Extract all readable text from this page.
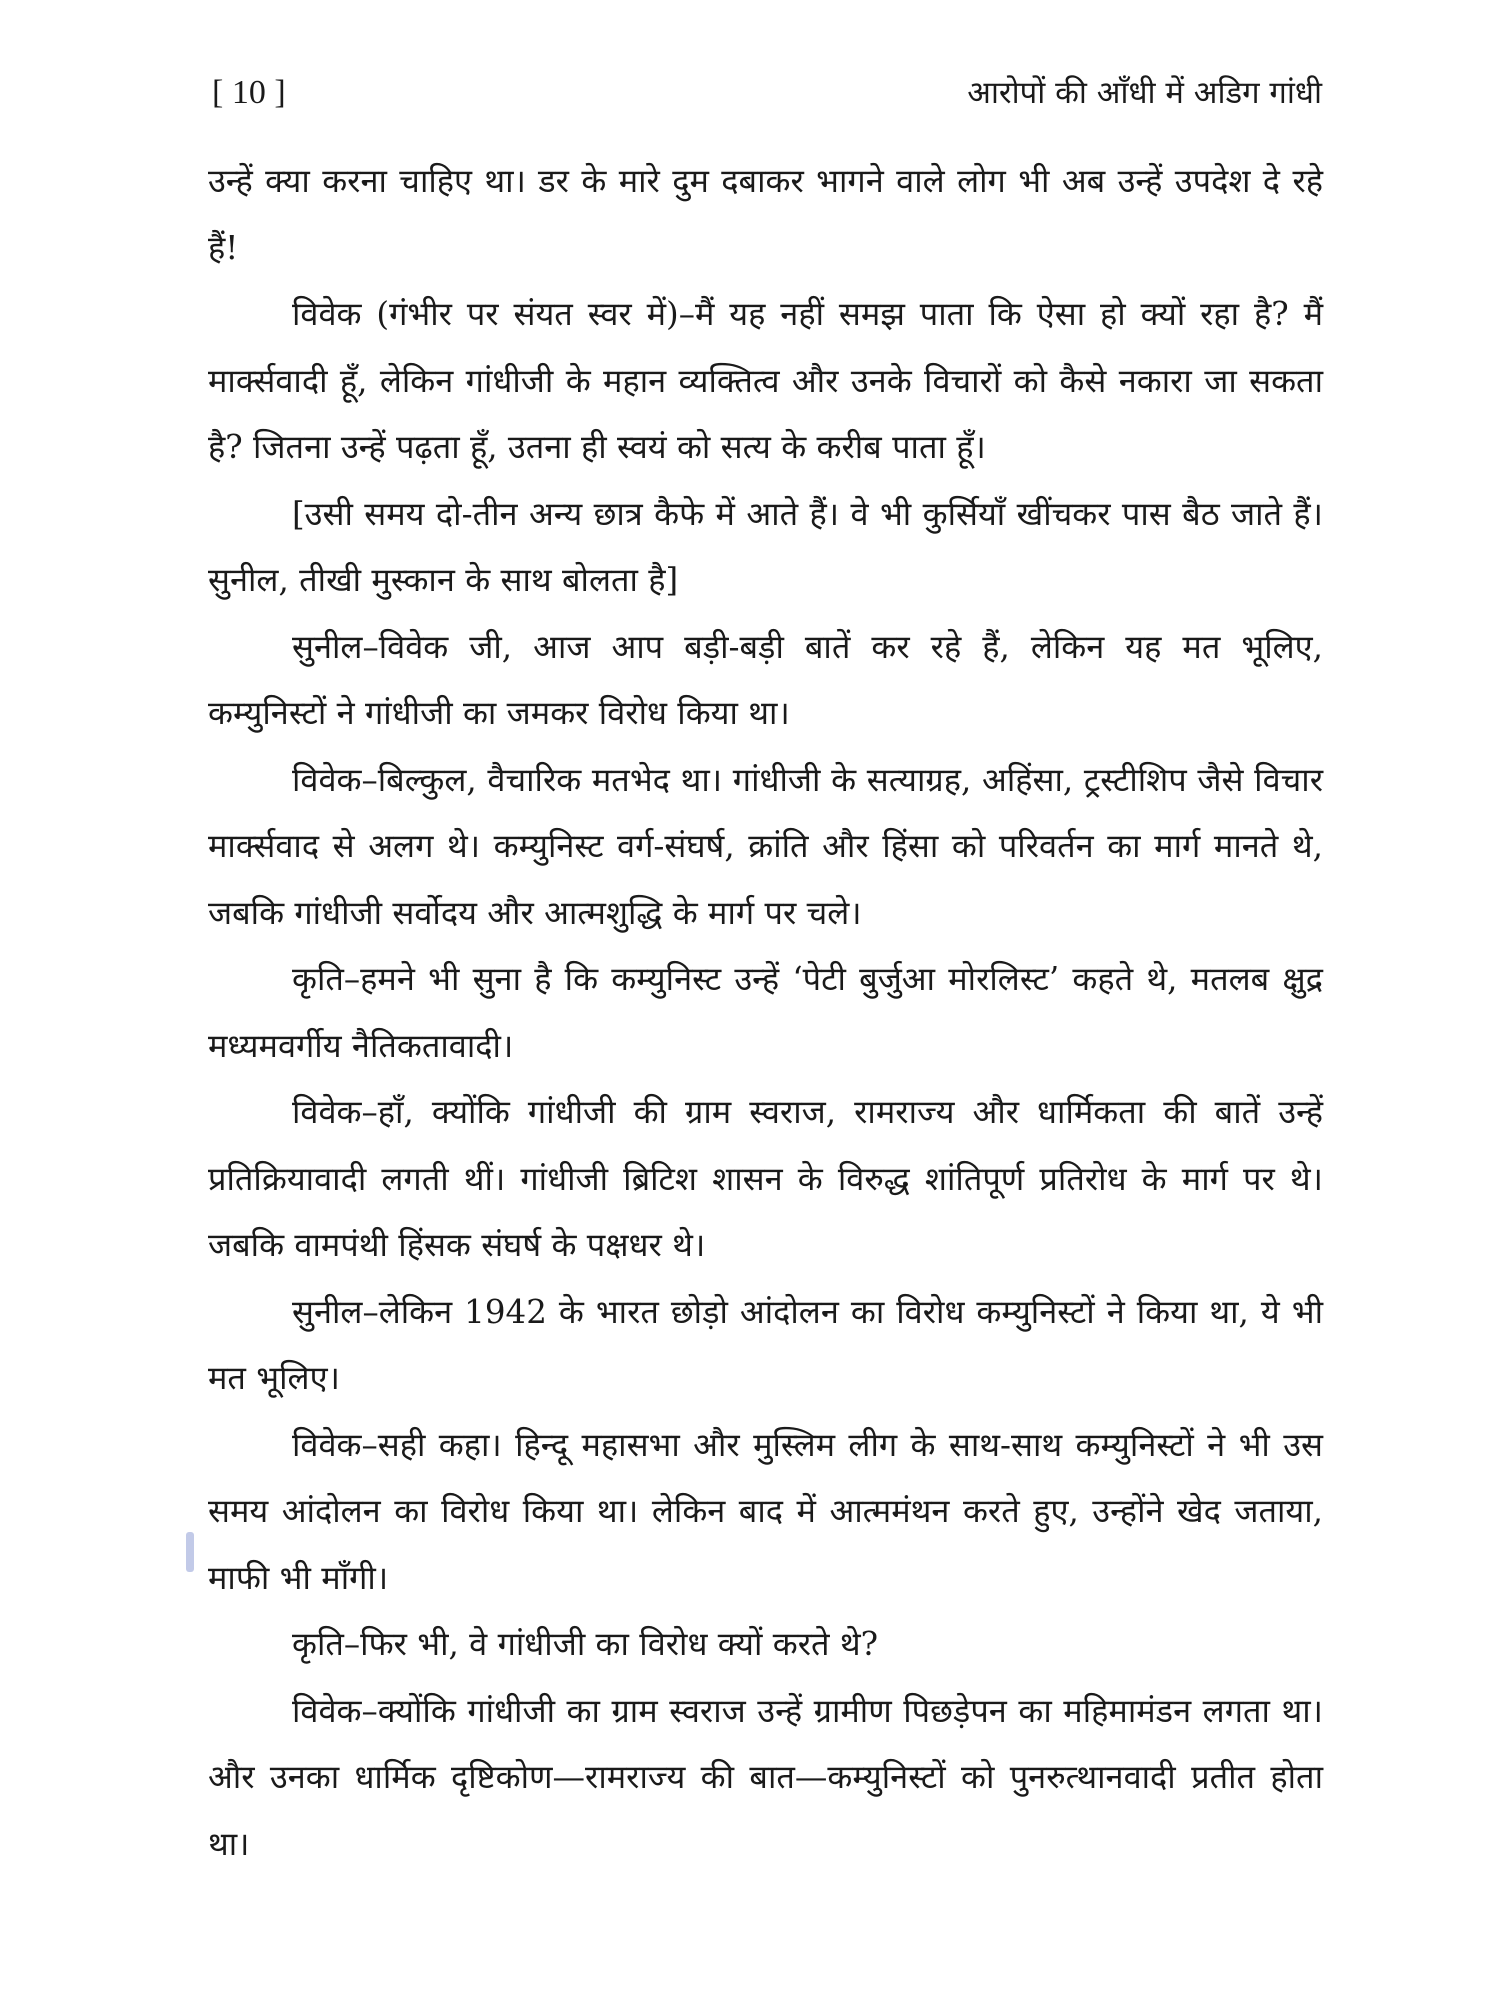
[ 10 ]	आरोपों की आँधी में अडिग गांधी

उन्हें क्या करना चाहिए था। डर के मारे दुम दबाकर भागने वाले लोग भी अब उन्हें उपदेश दे रहे हैं!

विवेक (गंभीर पर संयत स्वर में)–मैं यह नहीं समझ पाता कि ऐसा हो क्यों रहा है? मैं मार्क्सवादी हूँ, लेकिन गांधीजी के महान व्यक्तित्व और उनके विचारों को कैसे नकारा जा सकता है? जितना उन्हें पढ़ता हूँ, उतना ही स्वयं को सत्य के करीब पाता हूँ।

[उसी समय दो-तीन अन्य छात्र कैफे में आते हैं। वे भी कुर्सियाँ खींचकर पास बैठ जाते हैं। सुनील, तीखी मुस्कान के साथ बोलता है]

सुनील–विवेक जी, आज आप बड़ी-बड़ी बातें कर रहे हैं, लेकिन यह मत भूलिए, कम्युनिस्टों ने गांधीजी का जमकर विरोध किया था।

विवेक–बिल्कुल, वैचारिक मतभेद था। गांधीजी के सत्याग्रह, अहिंसा, ट्रस्टीशिप जैसे विचार मार्क्सवाद से अलग थे। कम्युनिस्ट वर्ग-संघर्ष, क्रांति और हिंसा को परिवर्तन का मार्ग मानते थे, जबकि गांधीजी सर्वोदय और आत्मशुद्धि के मार्ग पर चले।

कृति–हमने भी सुना है कि कम्युनिस्ट उन्हें ‘पेटी बुर्जुआ मोरलिस्ट’ कहते थे, मतलब क्षुद्र मध्यमवर्गीय नैतिकतावादी।

विवेक–हाँ, क्योंकि गांधीजी की ग्राम स्वराज, रामराज्य और धार्मिकता की बातें उन्हें प्रतिक्रियावादी लगती थीं। गांधीजी ब्रिटिश शासन के विरुद्ध शांतिपूर्ण प्रतिरोध के मार्ग पर थे। जबकि वामपंथी हिंसक संघर्ष के पक्षधर थे।

सुनील–लेकिन 1942 के भारत छोड़ो आंदोलन का विरोध कम्युनिस्टों ने किया था, ये भी मत भूलिए।

विवेक–सही कहा। हिन्दू महासभा और मुस्लिम लीग के साथ-साथ कम्युनिस्टों ने भी उस समय आंदोलन का विरोध किया था। लेकिन बाद में आत्ममंथन करते हुए, उन्होंने खेद जताया, माफी भी माँगी।

कृति–फिर भी, वे गांधीजी का विरोध क्यों करते थे?

विवेक–क्योंकि गांधीजी का ग्राम स्वराज उन्हें ग्रामीण पिछड़ेपन का महिमामंडन लगता था। और उनका धार्मिक दृष्टिकोण—रामराज्य की बात—कम्युनिस्टों को पुनरुत्थानवादी प्रतीत होता था।
